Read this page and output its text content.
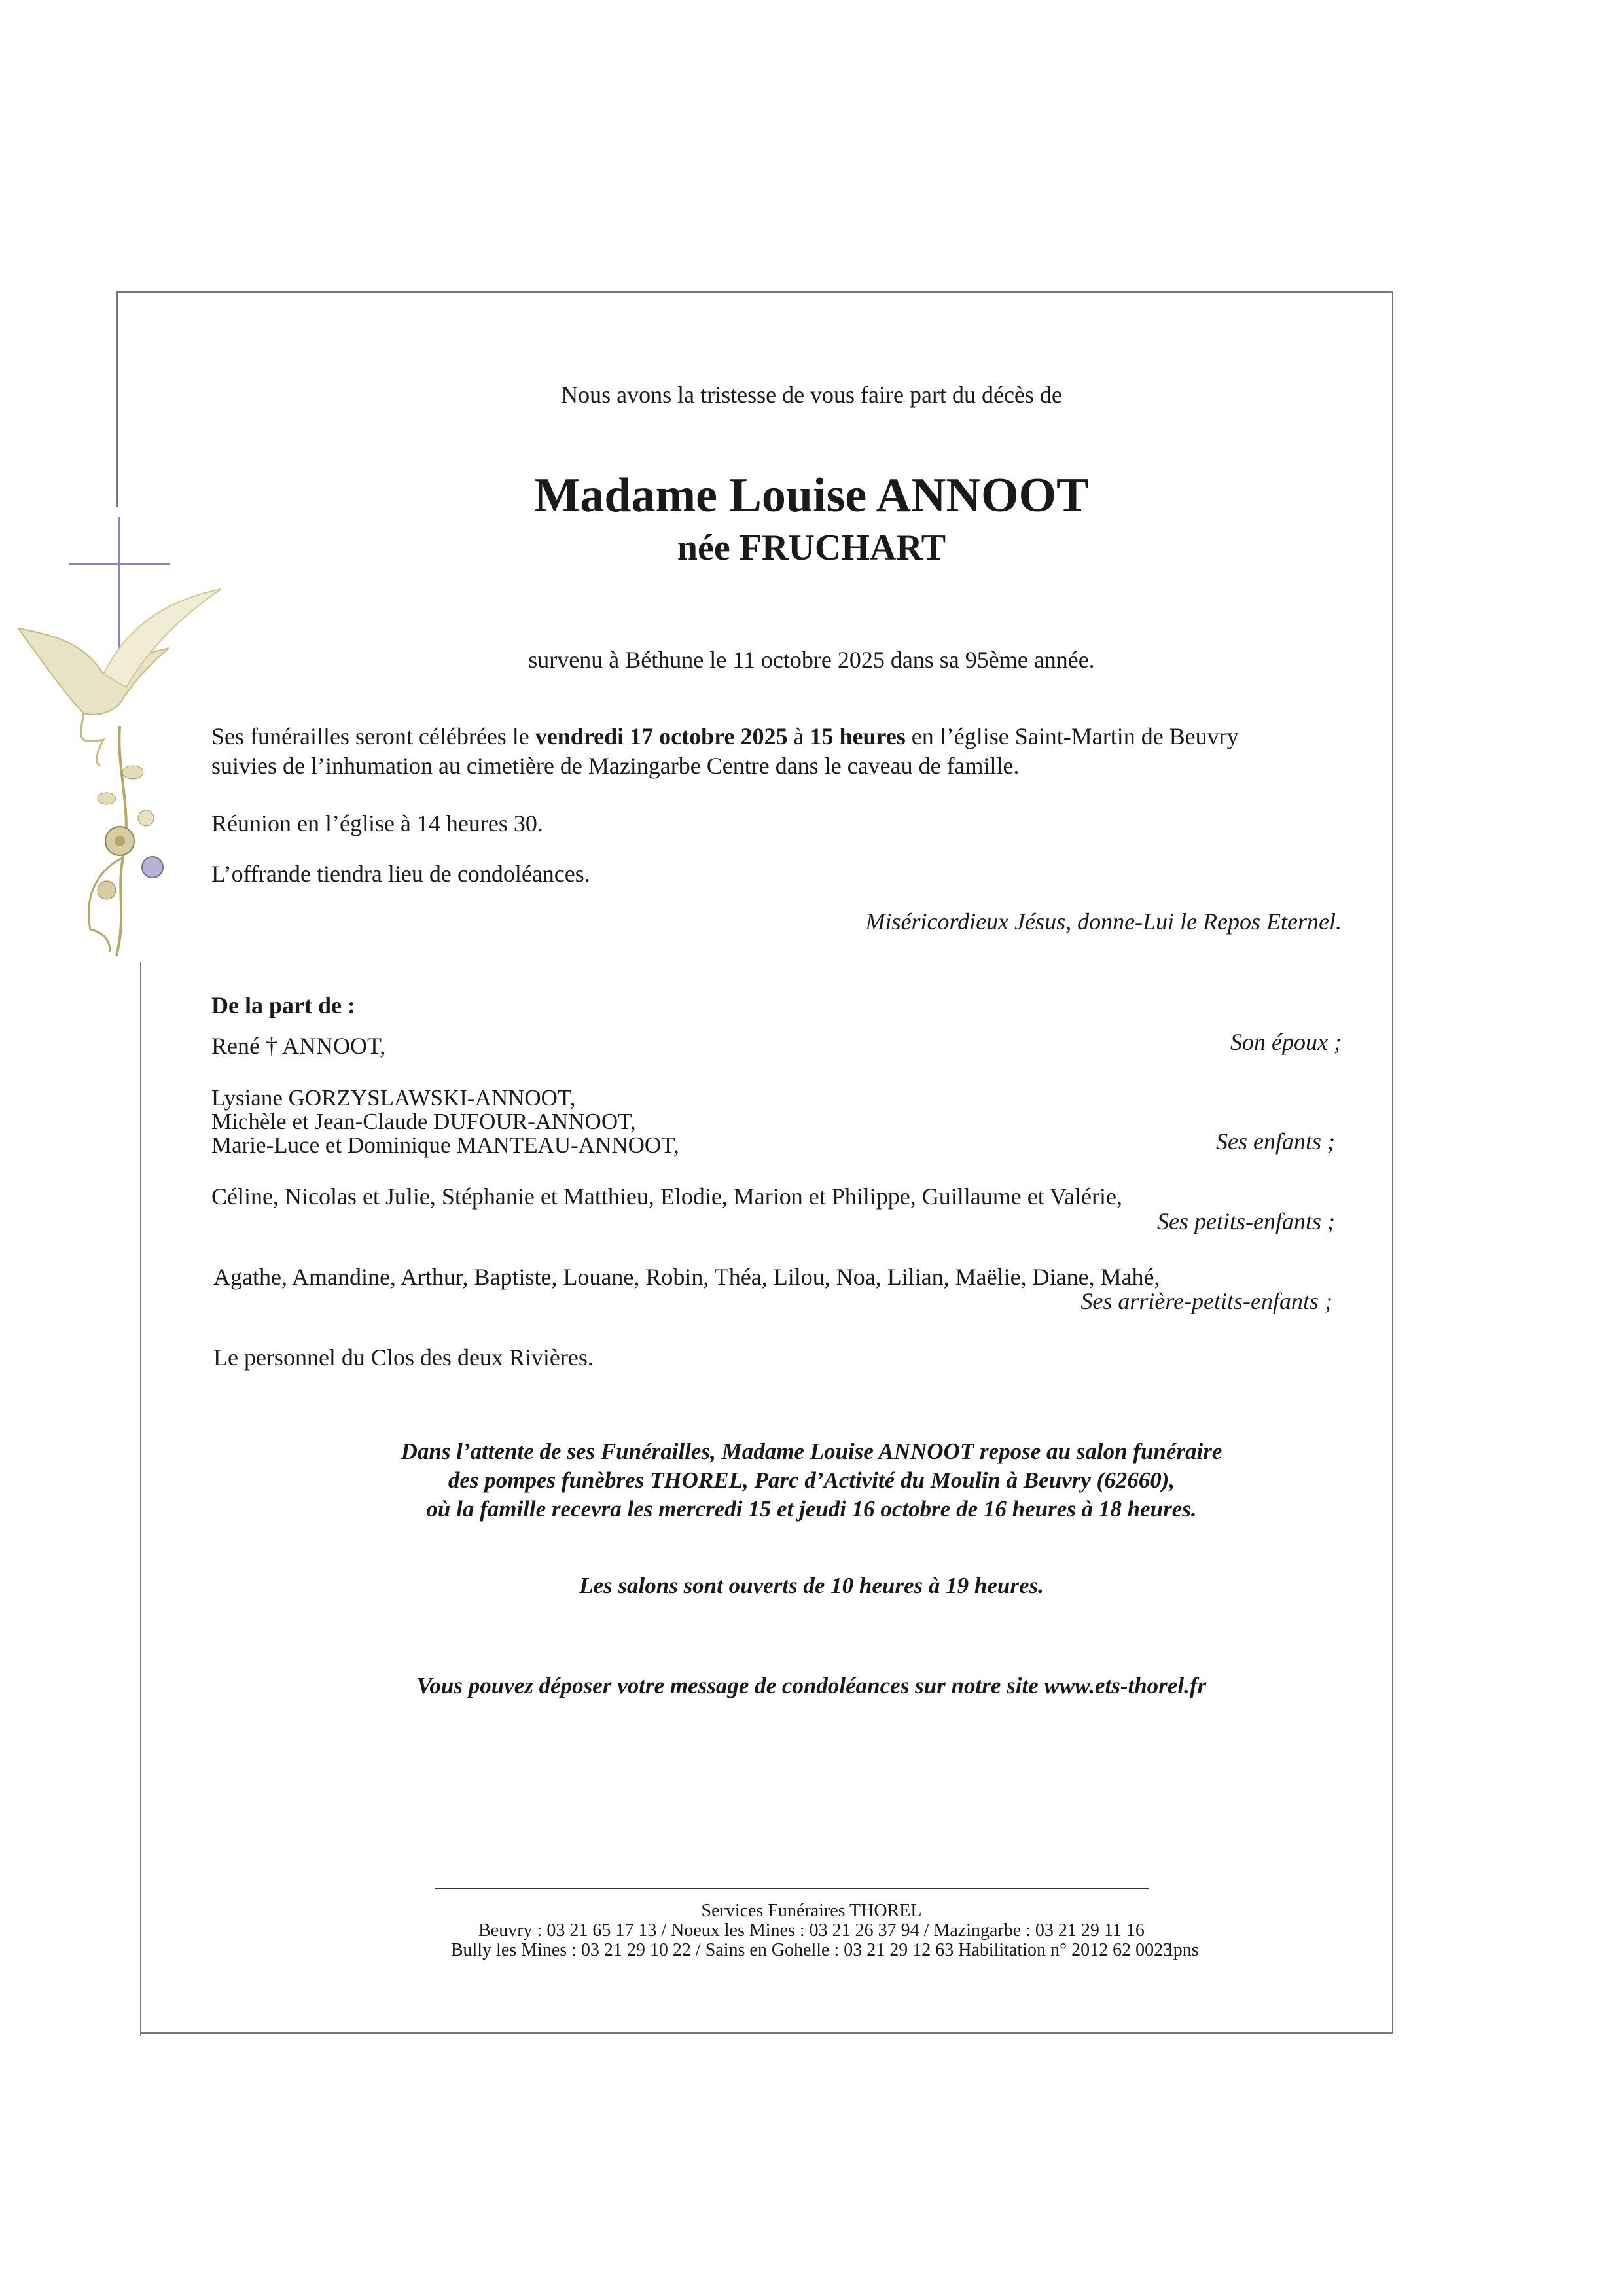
Nous avons la tristesse de vous faire part du décès de
Madame Louise ANNOOT
née FRUCHART
survenu à Béthune le 11 octobre 2025 dans sa 95ème année.
Ses funérailles seront célébrées le vendredi 17 octobre 2025 à 15 heures en l’église Saint-Martin de Beuvry
suivies de l’inhumation au cimetière de Mazingarbe Centre dans le caveau de famille.
Réunion en l’église à 14 heures 30.
L’offrande tiendra lieu de condoléances.
Miséricordieux Jésus, donne-Lui le Repos Eternel.
De la part de :
René † ANNOOT,	Son époux ;
Lysiane GORZYSLAWSKI-ANNOOT,
Michèle et Jean-Claude DUFOUR-ANNOOT,
Marie-Luce et Dominique MANTEAU-ANNOOT,	Ses enfants ;
Céline, Nicolas et Julie, Stéphanie et Matthieu, Elodie, Marion et Philippe, Guillaume et Valérie,
Ses petits-enfants ;
Agathe, Amandine, Arthur, Baptiste, Louane, Robin, Théa, Lilou, Noa, Lilian, Maëlie, Diane, Mahé,
Ses arrière-petits-enfants ;
Le personnel du Clos des deux Rivières.
Dans l’attente de ses Funérailles, Madame Louise ANNOOT repose au salon funéraire
des pompes funèbres THOREL, Parc d’Activité du Moulin à Beuvry (62660),
où la famille recevra les mercredi 15 et jeudi 16 octobre de 16 heures à 18 heures.
Les salons sont ouverts de 10 heures à 19 heures.
Vous pouvez déposer votre message de condoléances sur notre site www.ets-thorel.fr
Services Funéraires THOREL
Beuvry : 03 21 65 17 13 / Noeux les Mines : 03 21 26 37 94 / Mazingarbe : 03 21 29 11 16
Bully les Mines : 03 21 29 10 22 / Sains en Gohelle : 03 21 29 12 63 Habilitation n° 2012 62 0023
ipns
